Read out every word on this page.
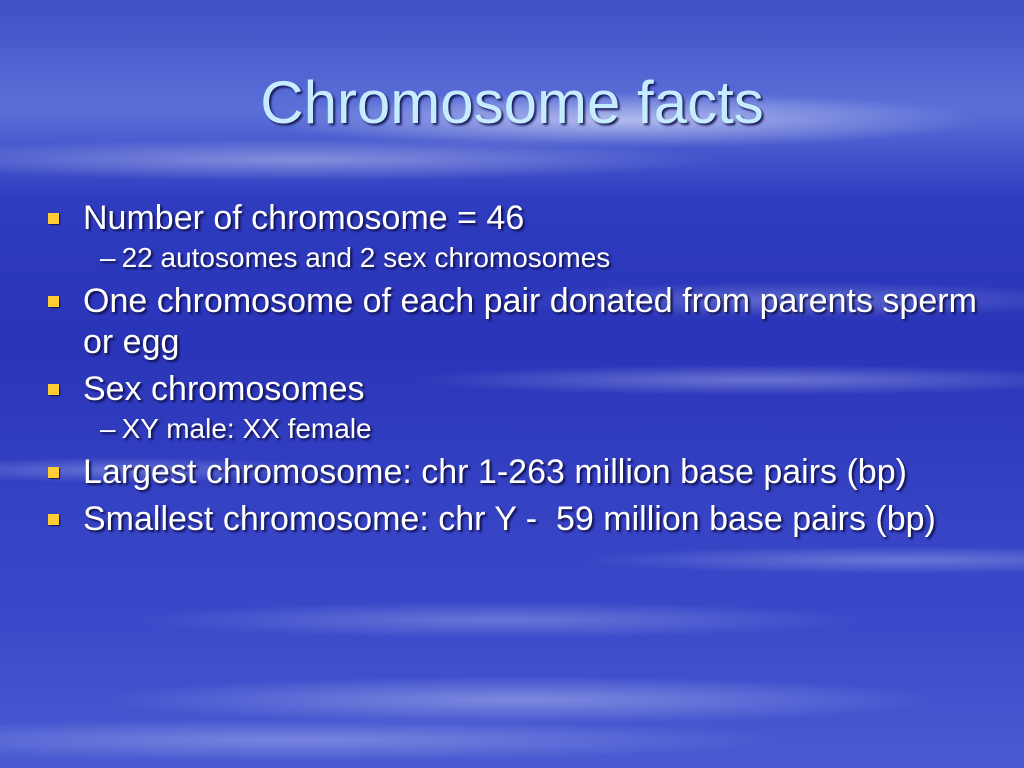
Chromosome facts
Number of chromosome = 46
– 22 autosomes and 2 sex chromosomes
One chromosome of each pair donated from parents sperm or egg
Sex chromosomes
– XY male: XX female
Largest chromosome: chr 1-263 million base pairs (bp)
Smallest chromosome: chr Y -  59 million base pairs (bp)
